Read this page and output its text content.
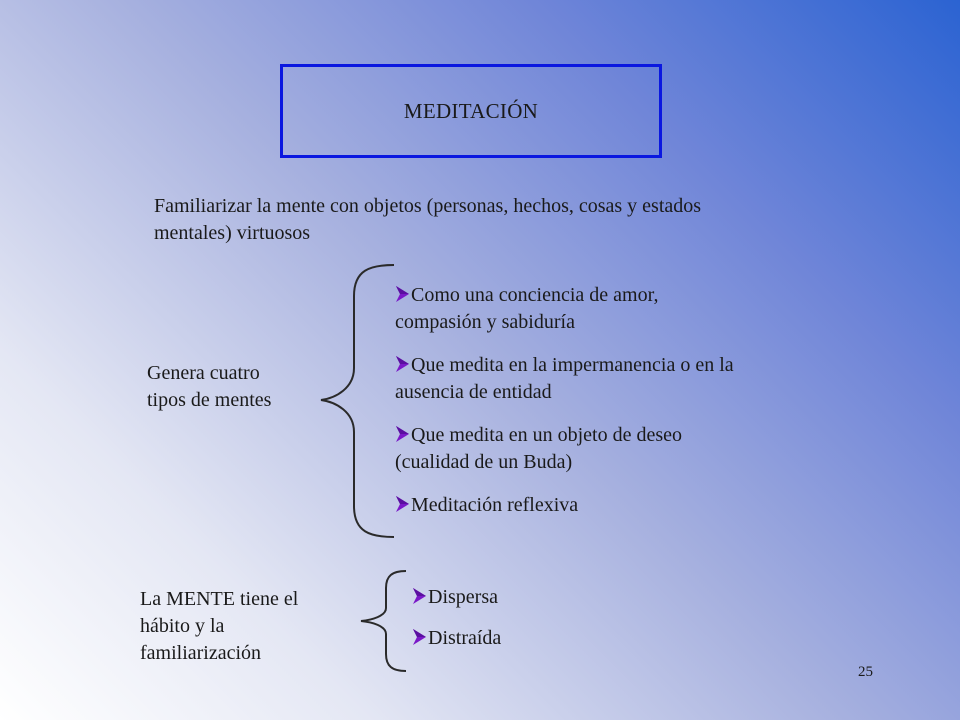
MEDITACIÓN
Familiarizar la mente con objetos (personas, hechos, cosas y estados mentales) virtuosos
Genera cuatro tipos de mentes
Como una conciencia de amor, compasión y sabiduría
Que medita en la impermanencia o en la ausencia de entidad
Que medita en un objeto de deseo (cualidad de un Buda)
Meditación reflexiva
La MENTE tiene el hábito y la familiarización
Dispersa
Distraída
25
